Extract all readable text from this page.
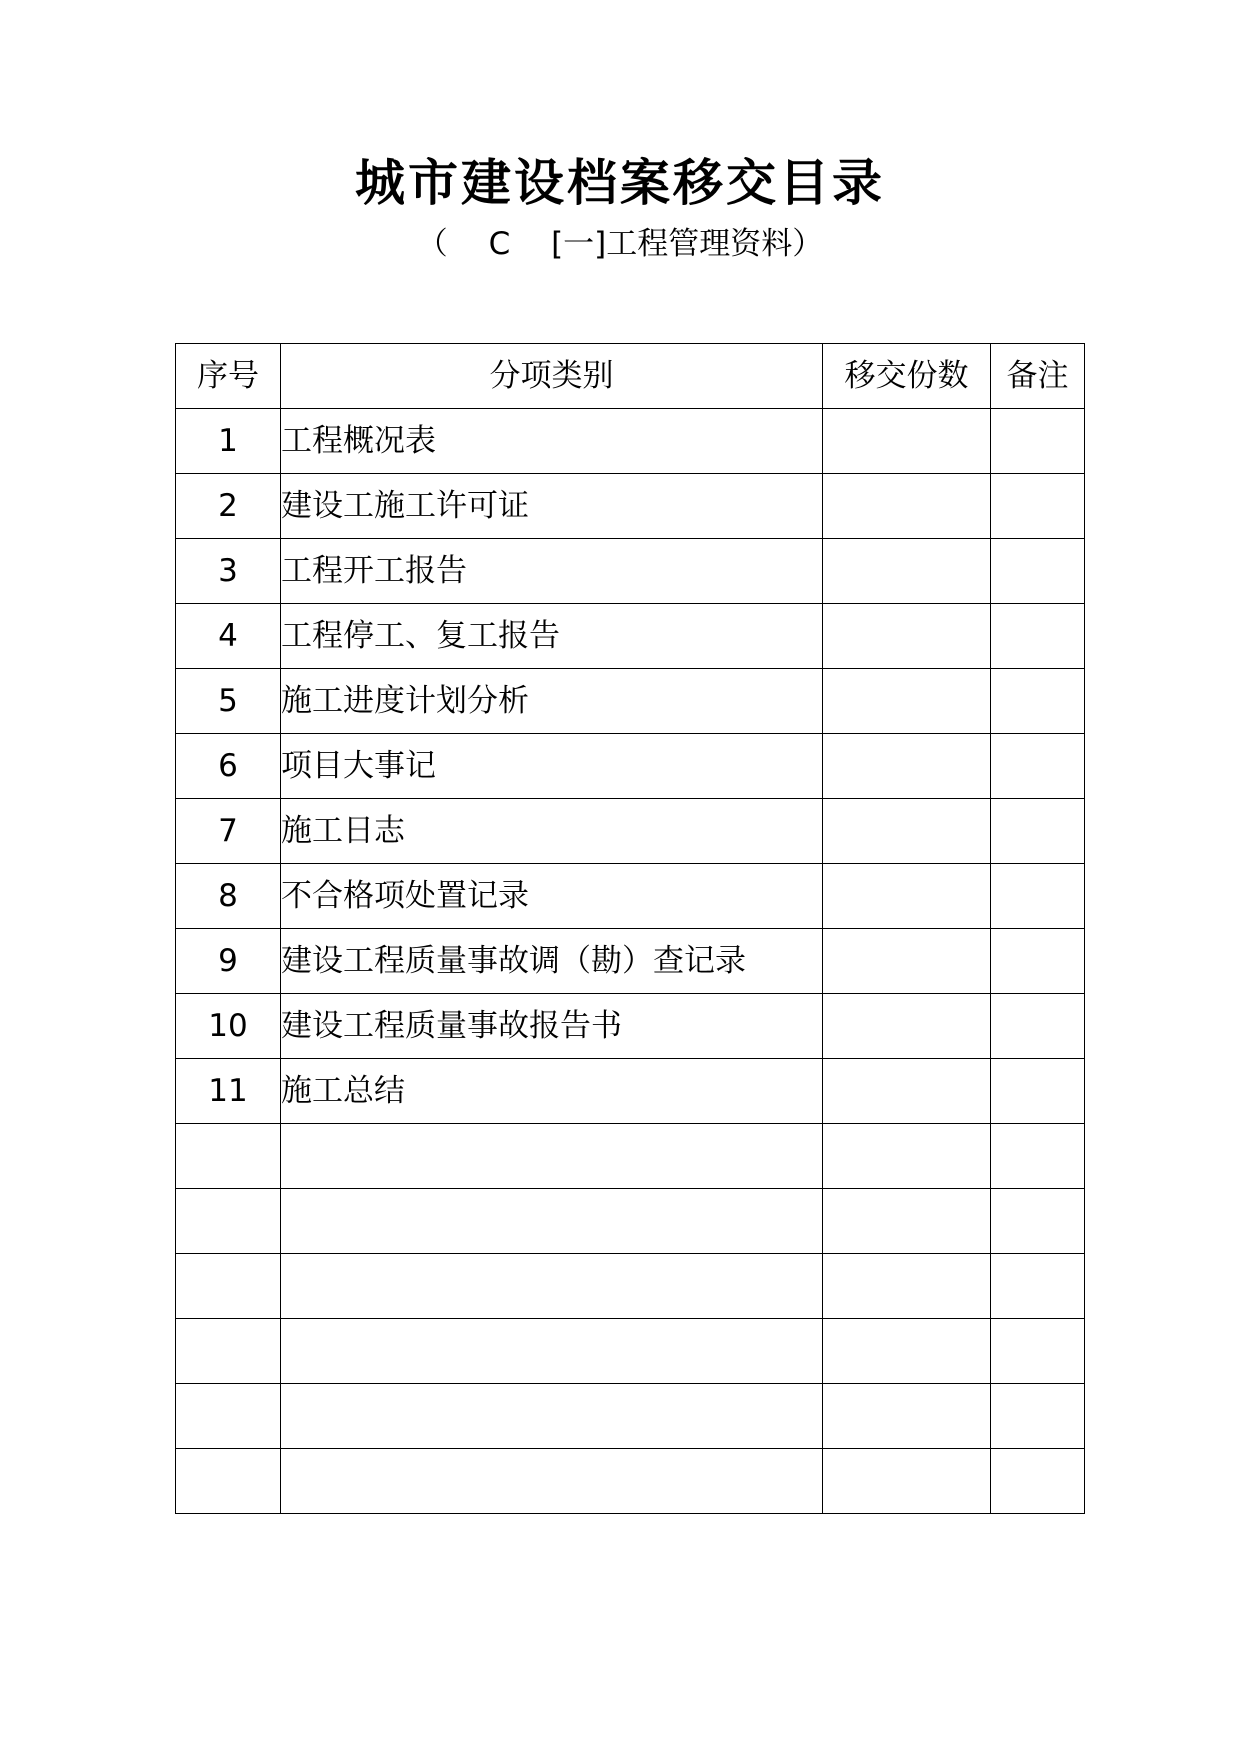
城市建设档案移交目录
（　 C　 [一]工程管理资料）
序号	分项类别	移交份数	备注
1	工程概况表		
2	建设工施工许可证		
3	工程开工报告		
4	工程停工、复工报告		
5	施工进度计划分析		
6	项目大事记		
7	施工日志		
8	不合格项处置记录		
9	建设工程质量事故调（勘）查记录		
10	建设工程质量事故报告书		
11	施工总结		
